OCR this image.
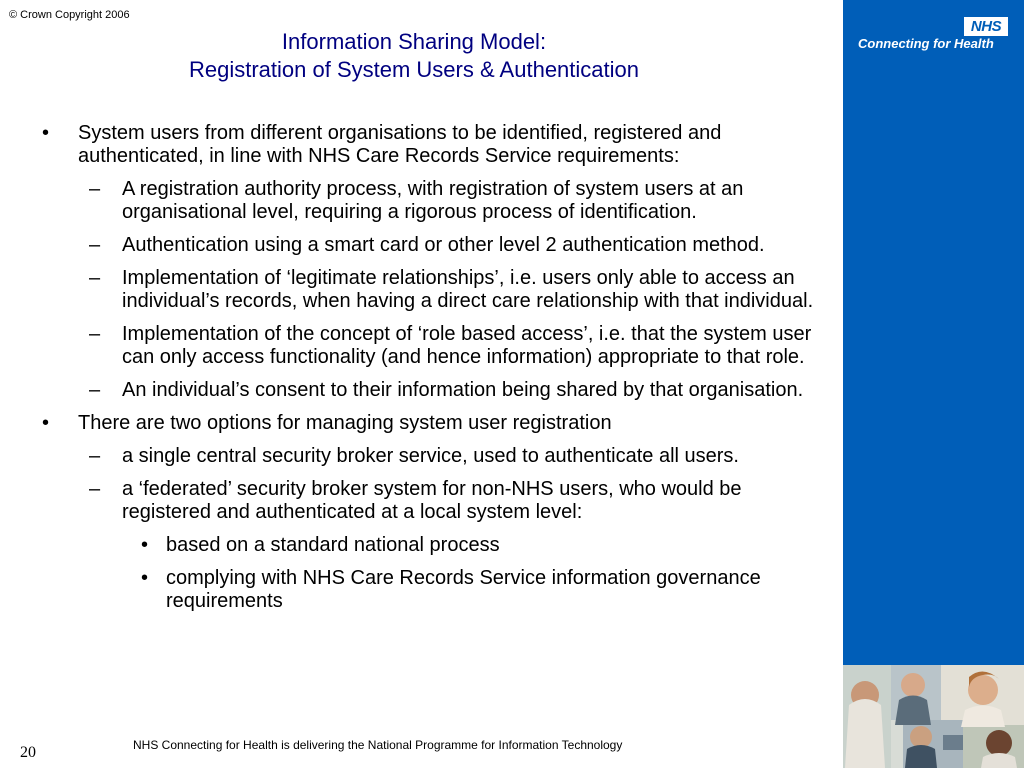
© Crown Copyright 2006
Information Sharing Model:
Registration of System Users & Authentication
• System users from different organisations to be identified, registered and authenticated, in line with NHS Care Records Service requirements:
– A registration authority process, with registration of system users at an organisational level, requiring a rigorous process of identification.
– Authentication using a smart card or other level 2 authentication method.
– Implementation of ‘legitimate relationships’, i.e. users only able to access an individual’s records, when having a direct care relationship with that individual.
– Implementation of the concept of ‘role based access’, i.e. that the system user can only access functionality (and hence information) appropriate to that role.
– An individual’s consent to their information being shared by that organisation.
• There are two options for managing system user registration
– a single central security broker service, used to authenticate all users.
– a ‘federated’ security broker system for non-NHS users, who would be registered and authenticated at a local system level:
• based on a standard national process
• complying with NHS Care Records Service information governance requirements
20	NHS Connecting for Health is delivering the National Programme for Information Technology
NHS
Connecting for Health
